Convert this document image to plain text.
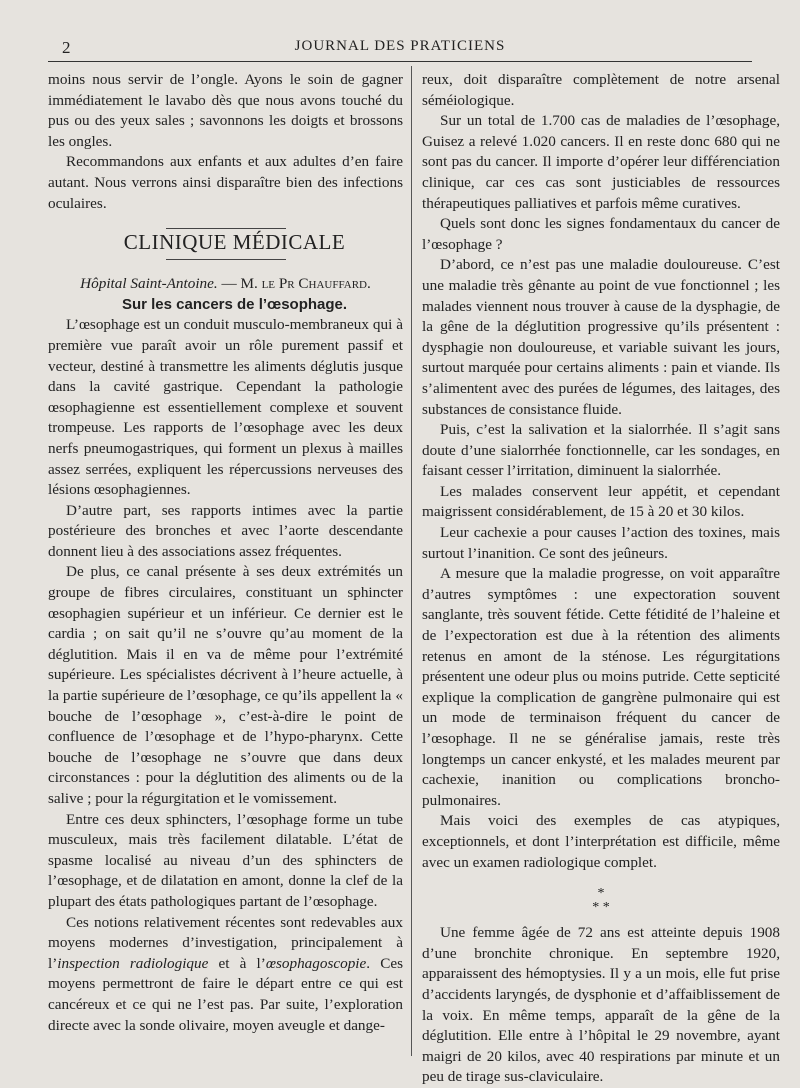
2	JOURNAL DES PRATICIENS

moins nous servir de l’ongle. Ayons le soin de gagner immédiatement le lavabo dès que nous avons touché du pus ou des yeux sales ; savonnons les doigts et brossons les ongles.

Recommandons aux enfants et aux adultes d’en faire autant. Nous verrons ainsi disparaître bien des infections oculaires.

CLINIQUE MÉDICALE

Hôpital Saint-Antoine. — M. le Pr Chauffard.

Sur les cancers de l’œsophage.

L’œsophage est un conduit musculo-membraneux qui à première vue paraît avoir un rôle purement passif et vecteur, destiné à transmettre les aliments déglutis jusque dans la cavité gastrique. Cependant la pathologie œsophagienne est essentiellement complexe et souvent trompeuse. Les rapports de l’œsophage avec les deux nerfs pneumogastriques, qui forment un plexus à mailles assez serrées, expliquent les répercussions nerveuses des lésions œsophagiennes.

D’autre part, ses rapports intimes avec la partie postérieure des bronches et avec l’aorte descendante donnent lieu à des associations assez fréquentes.

De plus, ce canal présente à ses deux extrémités un groupe de fibres circulaires, constituant un sphincter œsophagien supérieur et un inférieur. Ce dernier est le cardia ; on sait qu’il ne s’ouvre qu’au moment de la déglutition. Mais il en va de même pour l’extrémité supérieure. Les spécialistes décrivent à l’heure actuelle, à la partie supérieure de l’œsophage, ce qu’ils appellent la « bouche de l’œsophage », c’est-à-dire le point de confluence de l’œsophage et de l’hypo-pharynx. Cette bouche de l’œsophage ne s’ouvre que dans deux circonstances : pour la déglutition des aliments ou de la salive ; pour la régurgitation et le vomissement.

Entre ces deux sphincters, l’œsophage forme un tube musculeux, mais très facilement dilatable. L’état de spasme localisé au niveau d’un des sphincters de l’œsophage, et de dilatation en amont, donne la clef de la plupart des états pathologiques partant de l’œsophage.

Ces notions relativement récentes sont redevables aux moyens modernes d’investigation, principalement à l’inspection radiologique et à l’œsophagoscopie. Ces moyens permettront de faire le départ entre ce qui est cancéreux et ce qui ne l’est pas. Par suite, l’exploration directe avec la sonde olivaire, moyen aveugle et dange-

reux, doit disparaître complètement de notre arsenal séméiologique.

Sur un total de 1.700 cas de maladies de l’œsophage, Guisez a relevé 1.020 cancers. Il en reste donc 680 qui ne sont pas du cancer. Il importe d’opérer leur différenciation clinique, car ces cas sont justiciables de ressources thérapeutiques palliatives et parfois même curatives.

Quels sont donc les signes fondamentaux du cancer de l’œsophage ?

D’abord, ce n’est pas une maladie douloureuse. C’est une maladie très gênante au point de vue fonctionnel ; les malades viennent nous trouver à cause de la dysphagie, de la gêne de la déglutition progressive qu’ils présentent : dysphagie non douloureuse, et variable suivant les jours, surtout marquée pour certains aliments : pain et viande. Ils s’alimentent avec des purées de légumes, des laitages, des substances de consistance fluide.

Puis, c’est la salivation et la sialorrhée. Il s’agit sans doute d’une sialorrhée fonctionnelle, car les sondages, en faisant cesser l’irritation, diminuent la sialorrhée.

Les malades conservent leur appétit, et cependant maigrissent considérablement, de 15 à 20 et 30 kilos.

Leur cachexie a pour causes l’action des toxines, mais surtout l’inanition. Ce sont des jeûneurs.

A mesure que la maladie progresse, on voit apparaître d’autres symptômes : une expectoration souvent sanglante, très souvent fétide. Cette fétidité de l’haleine et de l’expectoration est due à la rétention des aliments retenus en amont de la sténose. Les régurgitations présentent une odeur plus ou moins putride. Cette septicité explique la complication de gangrène pulmonaire qui est un mode de terminaison fréquent du cancer de l’œsophage. Il ne se généralise jamais, reste très longtemps un cancer enkysté, et les malades meurent par cachexie, inanition ou complications broncho-pulmonaires.

Mais voici des exemples de cas atypiques, exceptionnels, et dont l’interprétation est difficile, même avec un examen radiologique complet.

*
* *

Une femme âgée de 72 ans est atteinte depuis 1908 d’une bronchite chronique. En septembre 1920, apparaissent des hémoptysies. Il y a un mois, elle fut prise d’accidents laryngés, de dysphonie et d’affaiblissement de la voix. En même temps, apparaît de la gêne de la déglutition. Elle entre à l’hôpital le 29 novembre, ayant maigri de 20 kilos, avec 40 respirations par minute et un peu de tirage sus-claviculaire.
